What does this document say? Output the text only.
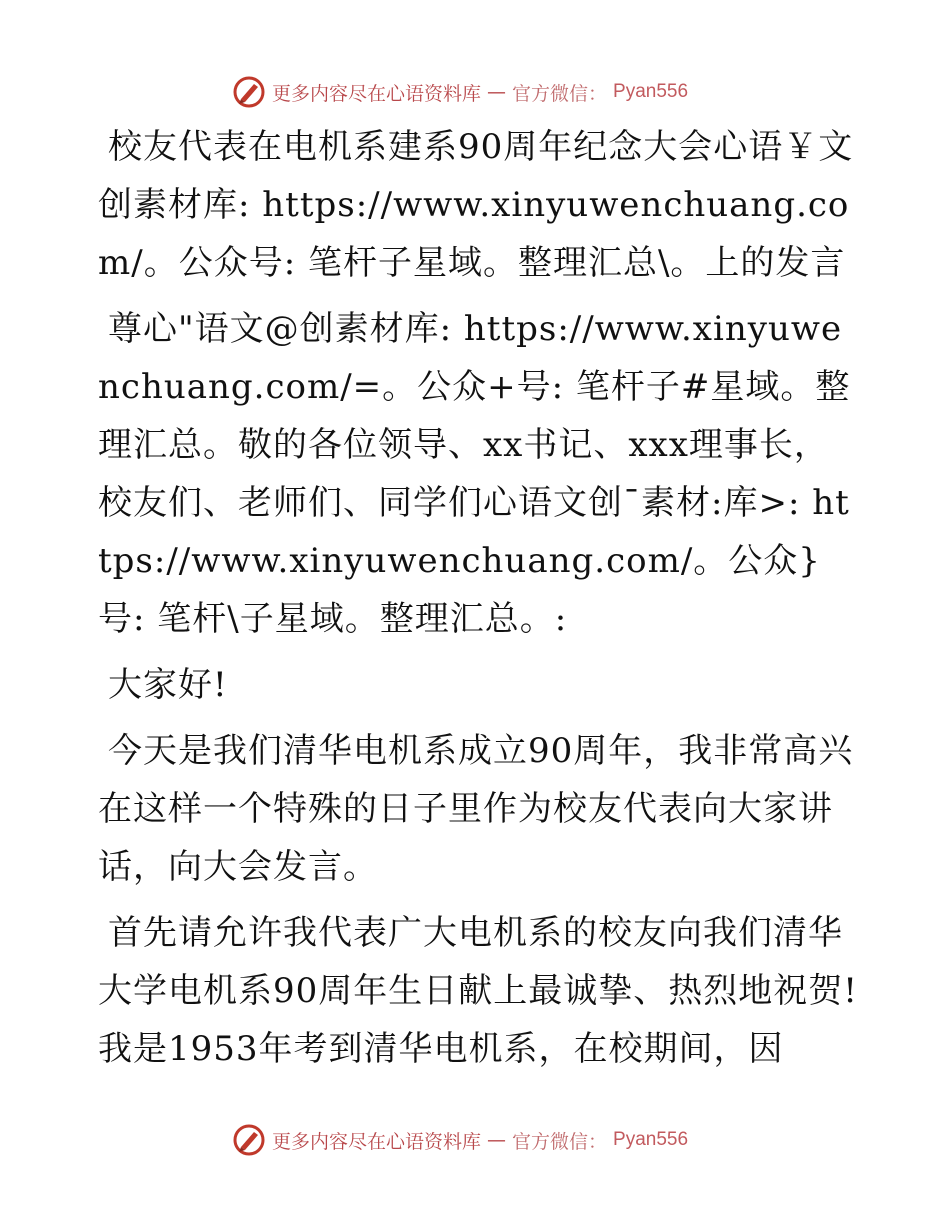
更多内容尽在心语资料库 — 官方微信： Pyan556

校友代表在电机系建系90周年纪念大会心语￥文创素材库: https://www.xinyuwenchuang.com/。公众号: 笔杆子星域。整理汇总\。上的发言

尊心"语文@创素材库: https://www.xinyuwenchuang.com/=。公众+号: 笔杆子#星域。整理汇总。敬的各位领导、xx书记、xxx理事长，校友们、老师们、同学们心语文创¯素材:库>: https://www.xinyuwenchuang.com/。公众}号: 笔杆\子星域。整理汇总。:

大家好!

今天是我们清华电机系成立90周年，我非常高兴在这样一个特殊的日子里作为校友代表向大家讲话，向大会发言。

首先请允许我代表广大电机系的校友向我们清华大学电机系90周年生日献上最诚挚、热烈地祝贺! 我是1953年考到清华电机系，在校期间，因

更多内容尽在心语资料库 — 官方微信： Pyan556
